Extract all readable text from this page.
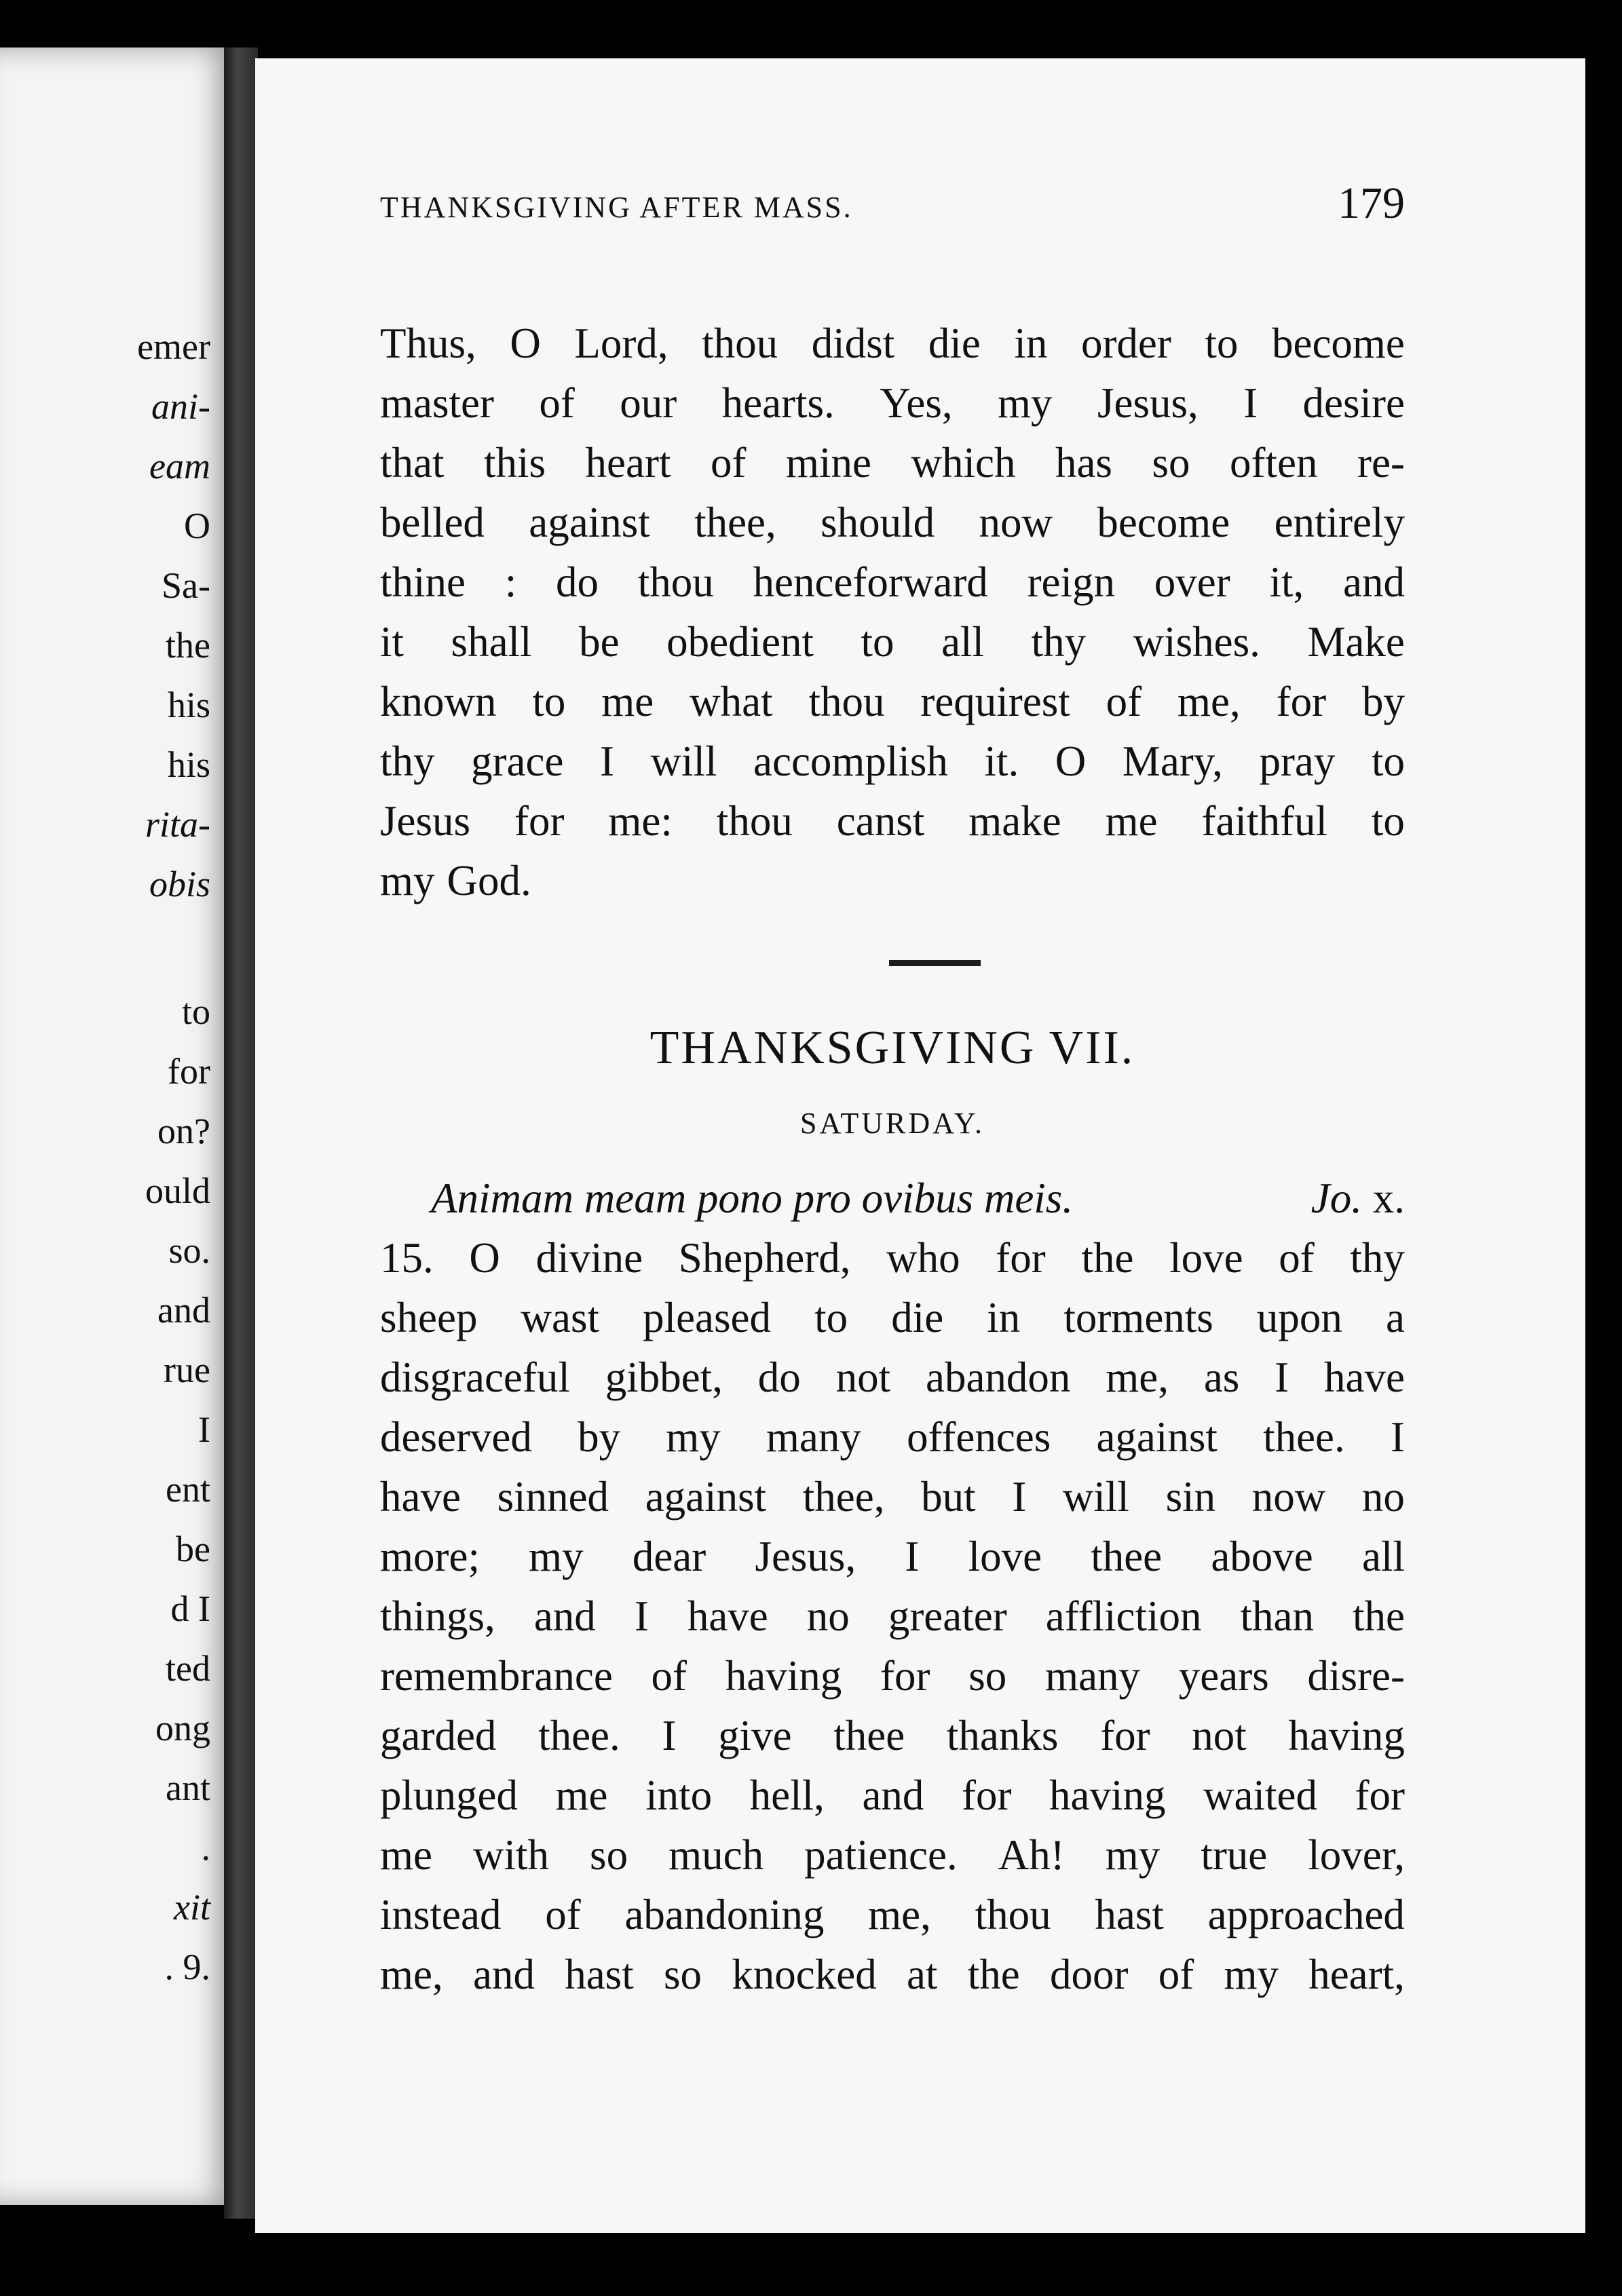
emer
ani-
eam
O
Sa-
the
his
his
rita-
obis
to
for
on?
ould
so.
and
rue
I
ent
be
d I
ted
ong
ant
.
xit
. 9.
THANKSGIVING AFTER MASS.	179
Thus, O Lord, thou didst die in order to become
master of our hearts. Yes, my Jesus, I desire
that this heart of mine which has so often re-
belled against thee, should now become entirely
thine : do thou henceforward reign over it, and
it shall be obedient to all thy wishes. Make
known to me what thou requirest of me, for by
thy grace I will accomplish it. O Mary, pray to
Jesus for me: thou canst make me faithful to
my God.
THANKSGIVING VII.
SATURDAY.
Animam meam pono pro ovibus meis.	Jo. x.
15. O divine Shepherd, who for the love of thy
sheep wast pleased to die in torments upon a
disgraceful gibbet, do not abandon me, as I have
deserved by my many offences against thee. I
have sinned against thee, but I will sin now no
more; my dear Jesus, I love thee above all
things, and I have no greater affliction than the
remembrance of having for so many years disre-
garded thee. I give thee thanks for not having
plunged me into hell, and for having waited for
me with so much patience. Ah! my true lover,
instead of abandoning me, thou hast approached
me, and hast so knocked at the door of my heart,
